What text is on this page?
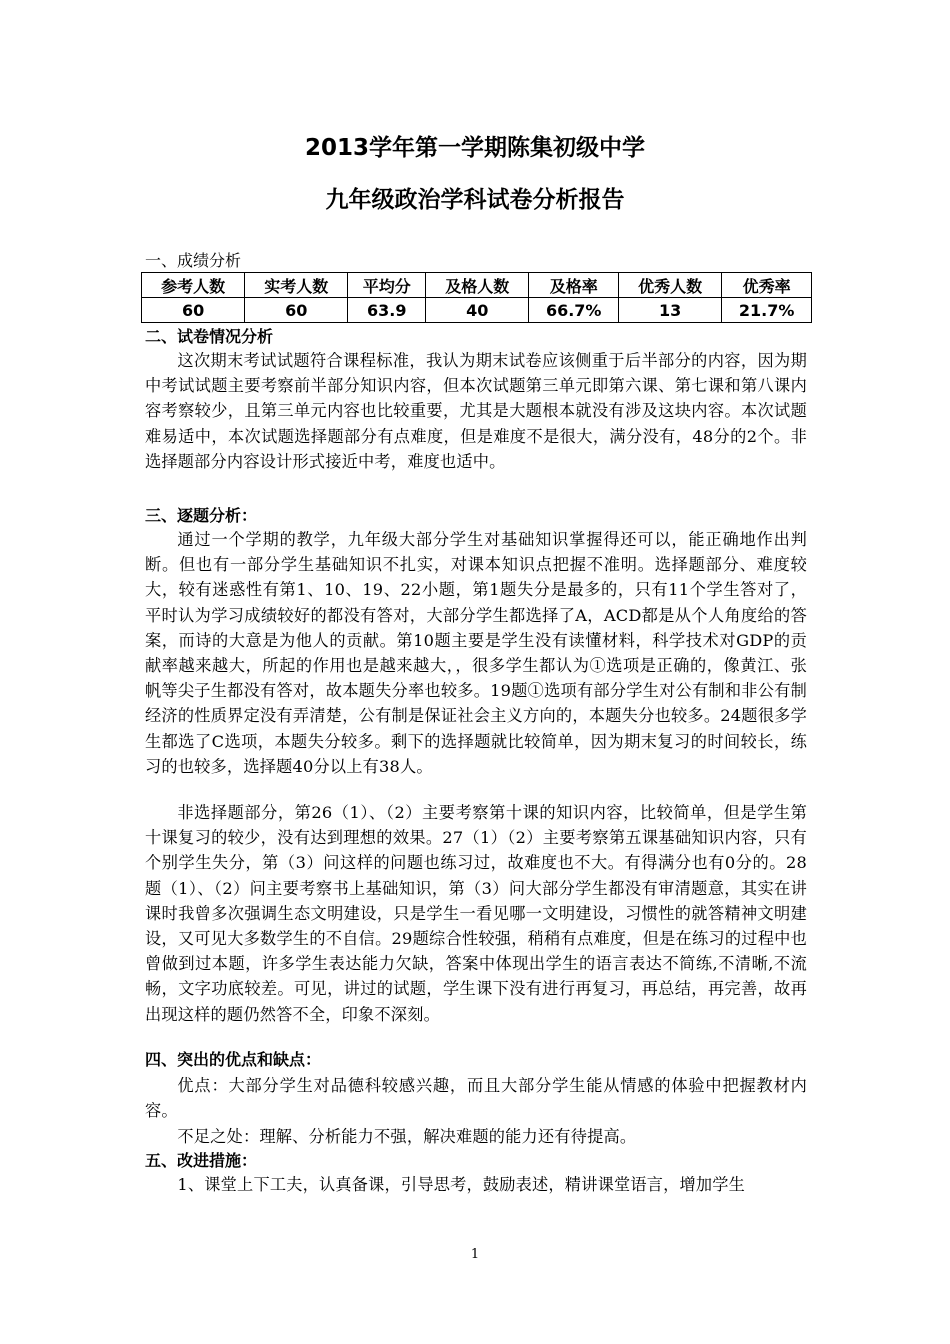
2013学年第一学期陈集初级中学
九年级政治学科试卷分析报告
一、成绩分析
参考人数	实考人数	平均分	及格人数	及格率	优秀人数	优秀率
60	60	63.9	40	66.7%	13	21.7%
二、试卷情况分析

这次期末考试试题符合课程标准，我认为期末试卷应该侧重于后半部分的内容，因为期中考试试题主要考察前半部分知识内容，但本次试题第三单元即第六课、第七课和第八课内容考察较少，且第三单元内容也比较重要，尤其是大题根本就没有涉及这块内容。本次试题难易适中，本次试题选择题部分有点难度，但是难度不是很大，满分没有，48分的2个。非选择题部分内容设计形式接近中考，难度也适中。

三、逐题分析：

通过一个学期的教学，九年级大部分学生对基础知识掌握得还可以，能正确地作出判断。但也有一部分学生基础知识不扎实，对课本知识点把握不准明。选择题部分、难度较大，较有迷惑性有第1、10、19、22小题，第1题失分是最多的，只有11个学生答对了，平时认为学习成绩较好的都没有答对，大部分学生都选择了A，ACD都是从个人角度给的答案，而诗的大意是为他人的贡献。第10题主要是学生没有读懂材料，科学技术对GDP的贡献率越来越大，所起的作用也是越来越大，，很多学生都认为①选项是正确的，像黄江、张帆等尖子生都没有答对，故本题失分率也较多。19题①选项有部分学生对公有制和非公有制经济的性质界定没有弄清楚，公有制是保证社会主义方向的，本题失分也较多。24题很多学生都选了C选项，本题失分较多。剩下的选择题就比较简单，因为期末复习的时间较长，练习的也较多，选择题40分以上有38人。

非选择题部分，第26（1）、（2）主要考察第十课的知识内容，比较简单，但是学生第十课复习的较少，没有达到理想的效果。27（1）（2）主要考察第五课基础知识内容，只有个别学生失分，第（3）问这样的问题也练习过，故难度也不大。有得满分也有0分的。28题（1）、（2）问主要考察书上基础知识，第（3）问大部分学生都没有审清题意，其实在讲课时我曾多次强调生态文明建设，只是学生一看见哪一文明建设，习惯性的就答精神文明建设，又可见大多数学生的不自信。29题综合性较强，稍稍有点难度，但是在练习的过程中也曾做到过本题，许多学生表达能力欠缺，答案中体现出学生的语言表达不简练,不清晰,不流畅，文字功底较差。可见，讲过的试题，学生课下没有进行再复习，再总结，再完善，故再出现这样的题仍然答不全，印象不深刻。

四、突出的优点和缺点：

优点：大部分学生对品德科较感兴趣，而且大部分学生能从情感的体验中把握教材内容。

不足之处：理解、分析能力不强，解决难题的能力还有待提高。

五、改进措施：

1、课堂上下工夫，认真备课，引导思考，鼓励表述，精讲课堂语言，增加学生

1
